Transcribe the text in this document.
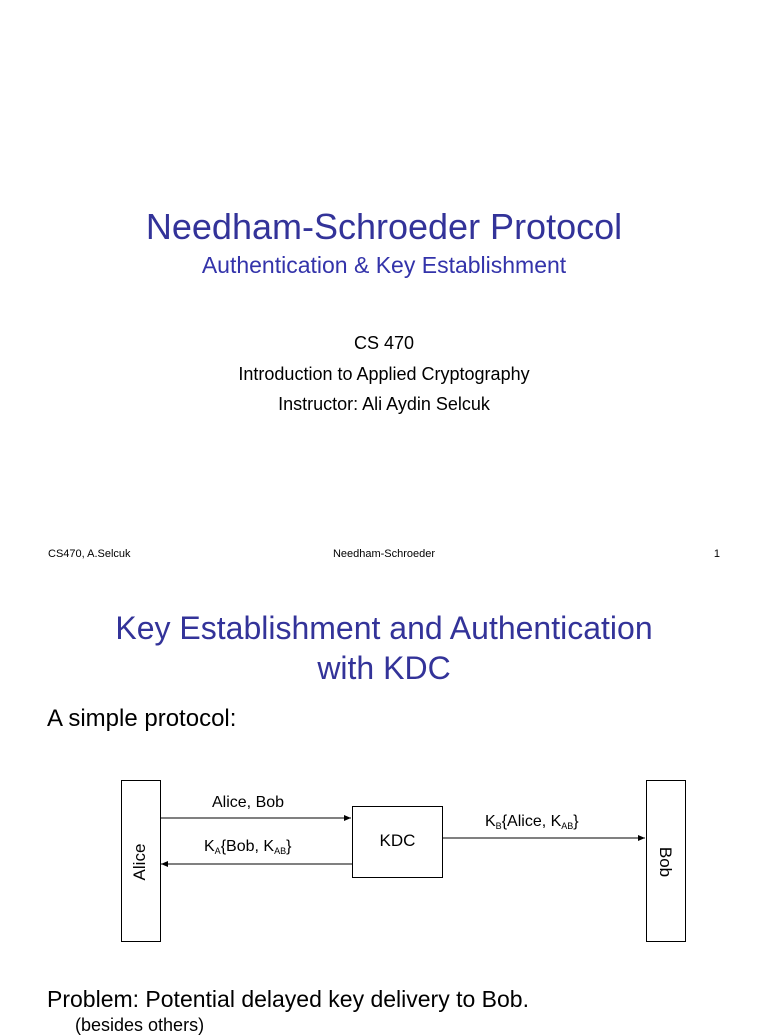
Needham-Schroeder Protocol
Authentication & Key Establishment
CS 470
Introduction to Applied Cryptography
Instructor: Ali Aydin Selcuk
CS470, A.Selcuk	Needham-Schroeder	1
Key Establishment and Authentication
with KDC
A simple protocol:
Alice
KDC
Bob
Alice, Bob
$K_A\{Bob$, $K_{AB}$}
$K_B\{Alice$, $K_{AB}$}
Problem: Potential delayed key delivery to Bob.
(besides others)
